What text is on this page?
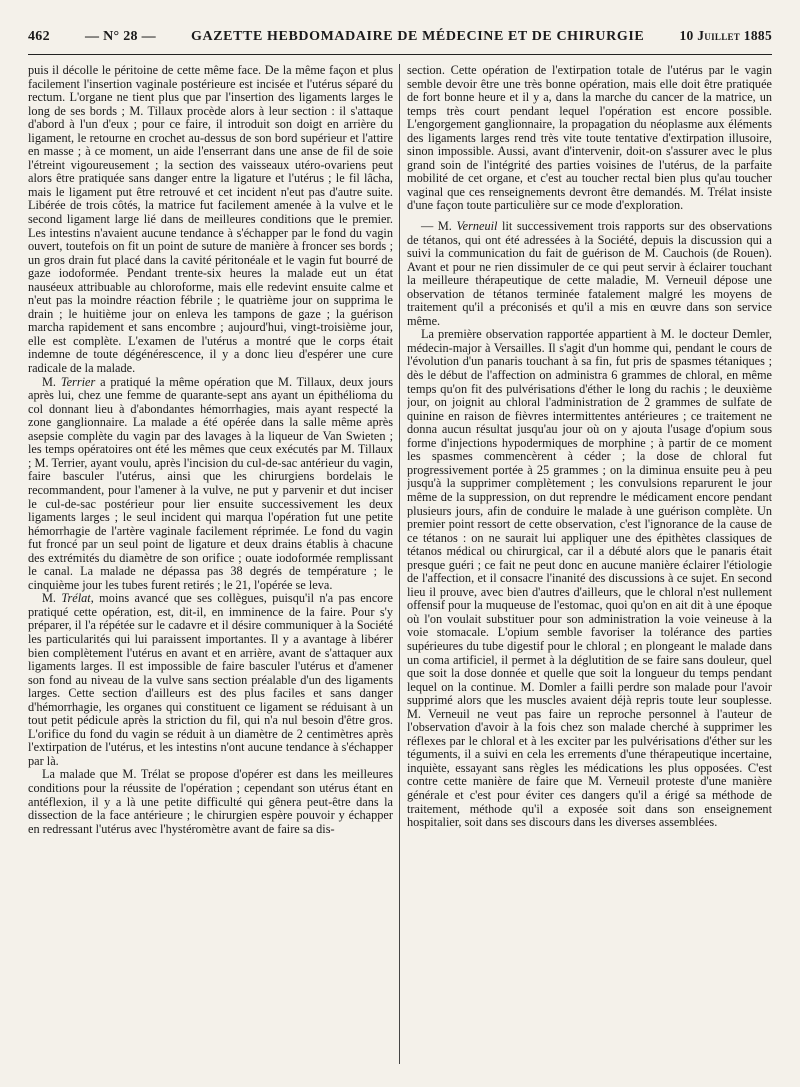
462	— N° 28 —	GAZETTE HEBDOMADAIRE DE MÉDECINE ET DE CHIRURGIE	10 Juillet 1885

puis il décolle le péritoine de cette même face. De la même façon et plus facilement l'insertion vaginale postérieure est incisée et l'utérus séparé du rectum. L'organe ne tient plus que par l'insertion des ligaments larges le long de ses bords ; M. Tillaux procède alors à leur section : il s'attaque d'abord à l'un d'eux ; pour ce faire, il introduit son doigt en arrière du ligament, le retourne en crochet au-dessus de son bord supérieur et l'attire en masse ; à ce moment, un aide l'enserrant dans une anse de fil de soie l'étreint vigoureusement ; la section des vaisseaux utéro-ovariens peut alors être pratiquée sans danger entre la ligature et l'utérus ; le fil lâcha, mais le ligament put être retrouvé et cet incident n'eut pas d'autre suite. Libérée de trois côtés, la matrice fut facilement amenée à la vulve et le second ligament large lié dans de meilleures conditions que le premier. Les intestins n'avaient aucune tendance à s'échapper par le fond du vagin ouvert, toutefois on fit un point de suture de manière à froncer ses bords ; un gros drain fut placé dans la cavité péritonéale et le vagin fut bourré de gaze iodoformée. Pendant trente-six heures la malade eut un état nauséeux attribuable au chloroforme, mais elle redevint ensuite calme et n'eut pas la moindre réaction fébrile ; le quatrième jour on supprima le drain ; le huitième jour on enleva les tampons de gaze ; la guérison marcha rapidement et sans encombre ; aujourd'hui, vingt-troisième jour, elle est complète. L'examen de l'utérus a montré que le corps était indemne de toute dégénérescence, il y a donc lieu d'espérer une cure radicale de la malade.

M. Terrier a pratiqué la même opération que M. Tillaux, deux jours après lui, chez une femme de quarante-sept ans ayant un épithélioma du col donnant lieu à d'abondantes hémorrhagies, mais ayant respecté la zone ganglionnaire. La malade a été opérée dans la salle même après asepsie complète du vagin par des lavages à la liqueur de Van Swieten ; les temps opératoires ont été les mêmes que ceux exécutés par M. Tillaux ; M. Terrier, ayant voulu, après l'incision du cul-de-sac antérieur du vagin, faire basculer l'utérus, ainsi que les chirurgiens bordelais le recommandent, pour l'amener à la vulve, ne put y parvenir et dut inciser le cul-de-sac postérieur pour lier ensuite successivement les deux ligaments larges ; le seul incident qui marqua l'opération fut une petite hémorrhagie de l'artère vaginale facilement réprimée. Le fond du vagin fut froncé par un seul point de ligature et deux drains établis à chacune des extrémités du diamètre de son orifice ; ouate iodoformée remplissant le canal. La malade ne dépassa pas 38 degrés de température ; le cinquième jour les tubes furent retirés ; le 21, l'opérée se leva.

M. Trélat, moins avancé que ses collègues, puisqu'il n'a pas encore pratiqué cette opération, est, dit-il, en imminence de la faire. Pour s'y préparer, il l'a répétée sur le cadavre et il désire communiquer à la Société les particularités qui lui paraissent importantes. Il y a avantage à libérer bien complètement l'utérus en avant et en arrière, avant de s'attaquer aux ligaments larges. Il est impossible de faire basculer l'utérus et d'amener son fond au niveau de la vulve sans section préalable d'un des ligaments larges. Cette section d'ailleurs est des plus faciles et sans danger d'hémorrhagie, les organes qui constituent ce ligament se réduisant à un tout petit pédicule après la striction du fil, qui n'a nul besoin d'être gros. L'orifice du fond du vagin se réduit à un diamètre de 2 centimètres après l'extirpation de l'utérus, et les intestins n'ont aucune tendance à s'échapper par là.

La malade que M. Trélat se propose d'opérer est dans les meilleures conditions pour la réussite de l'opération ; cependant son utérus étant en antéflexion, il y a là une petite difficulté qui gênera peut-être dans la dissection de la face antérieure ; le chirurgien espère pouvoir y échapper en redressant l'utérus avec l'hystéromètre avant de faire sa dis-

section. Cette opération de l'extirpation totale de l'utérus par le vagin semble devoir être une très bonne opération, mais elle doit être pratiquée de fort bonne heure et il y a, dans la marche du cancer de la matrice, un temps très court pendant lequel l'opération est encore possible. L'engorgement ganglionnaire, la propagation du néoplasme aux éléments des ligaments larges rend très vite toute tentative d'extirpation illusoire, sinon impossible. Aussi, avant d'intervenir, doit-on s'assurer avec le plus grand soin de l'intégrité des parties voisines de l'utérus, de la parfaite mobilité de cet organe, et c'est au toucher rectal bien plus qu'au toucher vaginal que ces renseignements devront être demandés. M. Trélat insiste d'une façon toute particulière sur ce mode d'exploration.

— M. Verneuil lit successivement trois rapports sur des observations de tétanos, qui ont été adressées à la Société, depuis la discussion qui a suivi la communication du fait de guérison de M. Cauchois (de Rouen). Avant et pour ne rien dissimuler de ce qui peut servir à éclairer touchant la meilleure thérapeutique de cette maladie, M. Verneuil dépose une observation de tétanos terminée fatalement malgré les moyens de traitement qu'il a préconisés et qu'il a mis en œuvre dans son service même.

La première observation rapportée appartient à M. le docteur Demler, médecin-major à Versailles. Il s'agit d'un homme qui, pendant le cours de l'évolution d'un panaris touchant à sa fin, fut pris de spasmes tétaniques ; dès le début de l'affection on administra 6 grammes de chloral, en même temps qu'on fit des pulvérisations d'éther le long du rachis ; le deuxième jour, on joignit au chloral l'administration de 2 grammes de sulfate de quinine en raison de fièvres intermittentes antérieures ; ce traitement ne donna aucun résultat jusqu'au jour où on y ajouta l'usage d'opium sous forme d'injections hypodermiques de morphine ; à partir de ce moment les spasmes commencèrent à céder ; la dose de chloral fut progressivement portée à 25 grammes ; on la diminua ensuite peu à peu jusqu'à la supprimer complètement ; les convulsions reparurent le jour même de la suppression, on dut reprendre le médicament encore pendant plusieurs jours, afin de conduire le malade à une guérison complète. Un premier point ressort de cette observation, c'est l'ignorance de la cause de ce tétanos : on ne saurait lui appliquer une des épithètes classiques de tétanos médical ou chirurgical, car il a débuté alors que le panaris était presque guéri ; ce fait ne peut donc en aucune manière éclairer l'étiologie de l'affection, et il consacre l'inanité des discussions à ce sujet. En second lieu il prouve, avec bien d'autres d'ailleurs, que le chloral n'est nullement offensif pour la muqueuse de l'estomac, quoi qu'on en ait dit à une époque où l'on voulait substituer pour son administration la voie veineuse à la voie stomacale. L'opium semble favoriser la tolérance des parties supérieures du tube digestif pour le chloral ; en plongeant le malade dans un coma artificiel, il permet à la déglutition de se faire sans douleur, quel que soit la dose donnée et quelle que soit la longueur du temps pendant lequel on la continue. M. Domler a failli perdre son malade pour l'avoir supprimé alors que les muscles avaient déjà repris toute leur souplesse. M. Verneuil ne veut pas faire un reproche personnel à l'auteur de l'observation d'avoir à la fois chez son malade cherché à supprimer les réflexes par le chloral et à les exciter par les pulvérisations d'éther sur les téguments, il a suivi en cela les errements d'une thérapeutique incertaine, inquiète, essayant sans règles les médications les plus opposées. C'est contre cette manière de faire que M. Verneuil proteste d'une manière générale et c'est pour éviter ces dangers qu'il a érigé sa méthode de traitement, méthode qu'il a exposée soit dans son enseignement hospitalier, soit dans ses discours dans les diverses assemblées.
